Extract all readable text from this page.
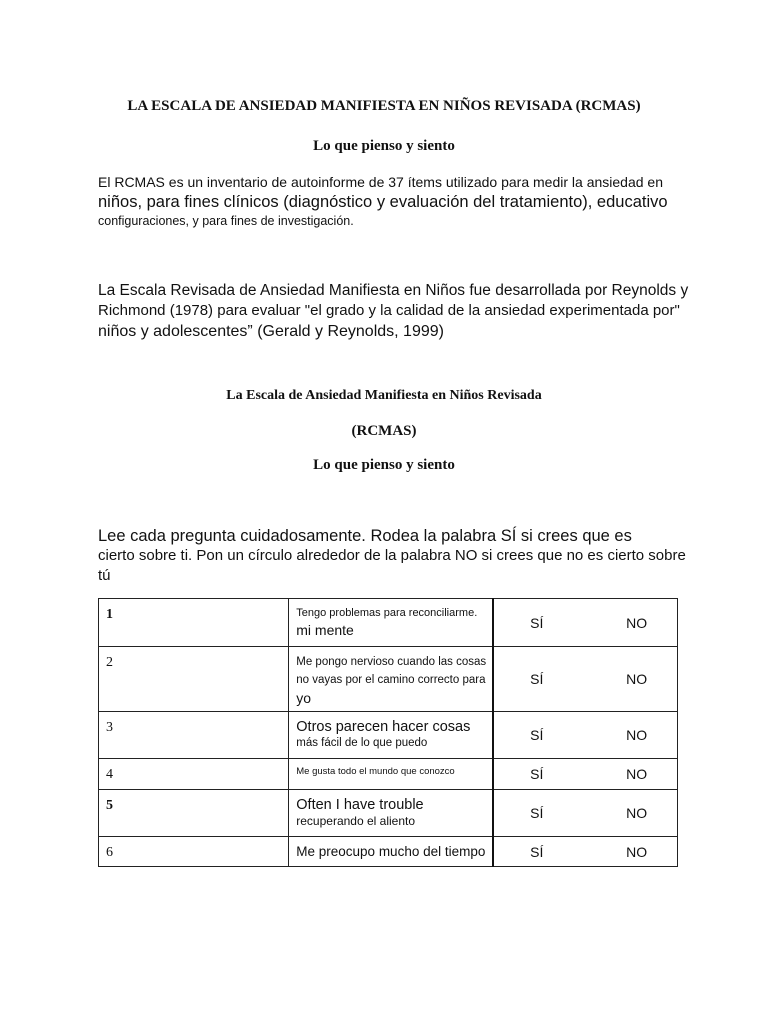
LA ESCALA DE ANSIEDAD MANIFIESTA EN NIÑOS REVISADA (RCMAS)
Lo que pienso y siento
El RCMAS es un inventario de autoinforme de 37 ítems utilizado para medir la ansiedad en
niños, para fines clínicos (diagnóstico y evaluación del tratamiento), educativo
configuraciones, y para fines de investigación.
La Escala Revisada de Ansiedad Manifiesta en Niños fue desarrollada por Reynolds y
Richmond (1978) para evaluar "el grado y la calidad de la ansiedad experimentada por"
niños y adolescentes” (Gerald y Reynolds, 1999)
La Escala de Ansiedad Manifiesta en Niños Revisada
(RCMAS)
Lo que pienso y siento
Lee cada pregunta cuidadosamente. Rodea la palabra SÍ si crees que es
cierto sobre ti. Pon un círculo alrededor de la palabra NO si crees que no es cierto sobre
tú
1	Tengo problemas para reconciliarme.
mi mente	SÍ NO

2	Me pongo nervioso cuando las cosas
no vayas por el camino correcto para
yo	SÍ NO

3	Otros parecen hacer cosas
más fácil de lo que puedo	SÍ NO

4	Me gusta todo el mundo que conozco	SÍ NO

5	Often I have trouble
recuperando el aliento	SÍ NO

6	Me preocupo mucho del tiempo	SÍ NO
